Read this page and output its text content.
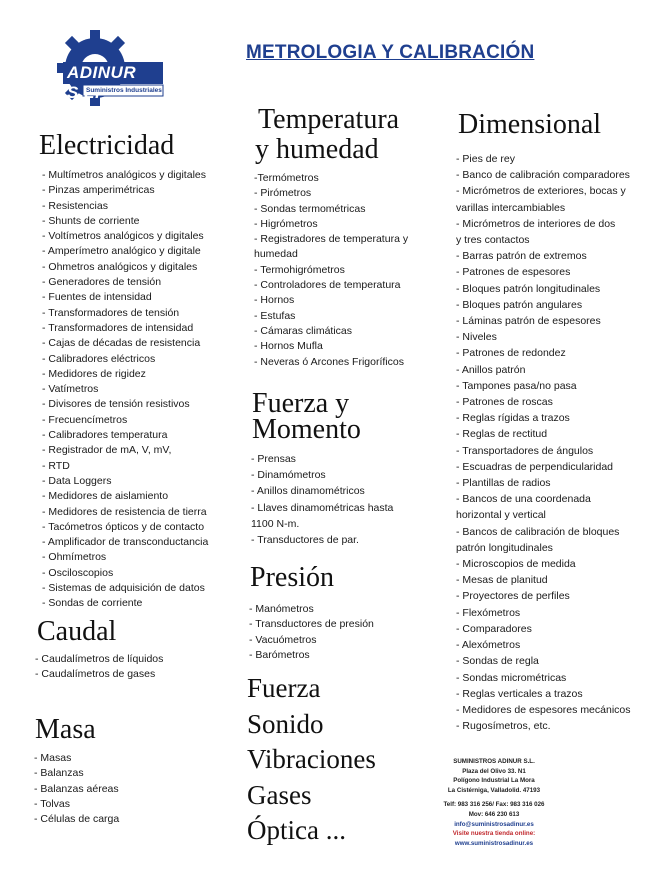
ADINUR S.L.
Suministros Industriales
METROLOGIA Y CALIBRACIÓN
Electricidad
- Multímetros analógicos y digitales
- Pinzas amperimétricas
- Resistencias
- Shunts de corriente
- Voltímetros analógicos y digitales
- Amperímetro analógico y digitale
- Ohmetros analógicos y digitales
- Generadores de tensión
- Fuentes de intensidad
- Transformadores de tensión
- Transformadores de intensidad
- Cajas de décadas de resistencia
- Calibradores eléctricos
- Medidores de rigidez
- Vatímetros
- Divisores de tensión resistivos
- Frecuencímetros
- Calibradores temperatura
- Registrador de mA, V, mV,
- RTD
- Data Loggers
- Medidores de aislamiento
- Medidores de resistencia de tierra
- Tacómetros ópticos y de contacto
- Amplificador de transconductancia
- Ohmímetros
- Osciloscopios
- Sistemas de adquisición de datos
- Sondas de corriente
Caudal
- Caudalímetros de líquidos
- Caudalímetros de gases
Masa
- Masas
- Balanzas
- Balanzas aéreas
- Tolvas
- Células de carga
Temperatura
y humedad
-Termómetros
- Pirómetros
- Sondas termométricas
- Higrómetros
- Registradores de temperatura y
humedad
- Termohigrómetros
- Controladores de temperatura
- Hornos
- Estufas
- Cámaras climáticas
- Hornos Mufla
- Neveras ó Arcones Frigoríficos
Fuerza y
Momento
- Prensas
- Dinamómetros
- Anillos dinamométricos
- Llaves dinamométricas hasta
1100 N-m.
- Transductores de par.
Presión
- Manómetros
- Transductores de presión
- Vacuómetros
- Barómetros
Fuerza
Sonido
Vibraciones
Gases
Óptica ...
Dimensional
- Pies de rey
- Banco de calibración comparadores
- Micrómetros de exteriores, bocas y
varillas intercambiables
- Micrómetros de interiores de dos
y tres contactos
- Barras patrón de extremos
- Patrones de espesores
- Bloques patrón longitudinales
- Bloques patrón angulares
- Láminas patrón de espesores
- Niveles
- Patrones de redondez
- Anillos patrón
- Tampones pasa/no pasa
- Patrones de roscas
- Reglas rígidas a trazos
- Reglas de rectitud
- Transportadores de ángulos
- Escuadras de perpendicularidad
- Plantillas de radios
- Bancos de una coordenada
horizontal y vertical
- Bancos de calibración de bloques
patrón longitudinales
- Microscopios de medida
- Mesas de planitud
- Proyectores de perfiles
- Flexómetros
- Comparadores
- Alexómetros
- Sondas de regla
- Sondas micrométricas
- Reglas verticales a trazos
- Medidores de espesores mecánicos
- Rugosímetros, etc.
SUMINISTROS ADINUR S.L.
Plaza del Olivo 33. N1
Polígono Industrial La Mora
La Cistérniga, Valladolid. 47193
Telf: 983 316 256/ Fax: 983 316 026
Mov: 646 230 613
info@suministrosadinur.es
Visite nuestra tienda online:
www.suministrosadinur.es
